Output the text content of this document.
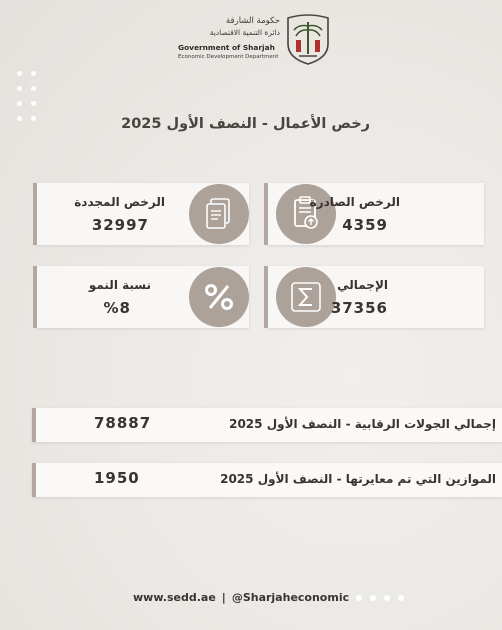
حكومة الشارقة
دائرة التنمية الاقتصادية
Government of Sharjah
Economic Development Department
رخص الأعمال - النصف الأول 2025
الرخص الصادرة
4359
الرخص المجددة
32997
الإجمالي
37356
نسبة النمو
%8
78887	إجمالي الجولات الرقابية - النصف الأول 2025
1950	الموازين التي تم معايرتها - النصف الأول 2025
www.sedd.ae | @Sharjaheconomic
